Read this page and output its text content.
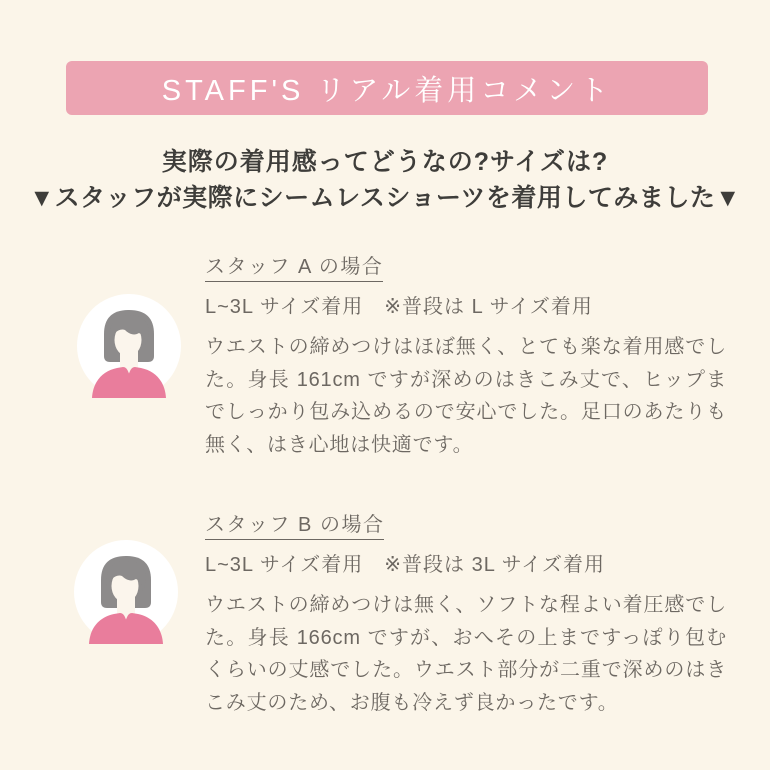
STAFF'S リアル着用コメント
実際の着用感ってどうなの?サイズは?
▼スタッフが実際にシームレスショーツを着用してみました▼
スタッフ A の場合
L~3L サイズ着用　※普段は L サイズ着用
ウエストの締めつけはほぼ無く、とても楽な着用感でした。身長 161cm ですが深めのはきこみ丈で、ヒップまでしっかり包み込めるので安心でした。足口のあたりも無く、はき心地は快適です。
スタッフ B の場合
L~3L サイズ着用　※普段は 3L サイズ着用
ウエストの締めつけは無く、ソフトな程よい着圧感でした。身長 166cm ですが、おへその上まですっぽり包むくらいの丈感でした。ウエスト部分が二重で深めのはきこみ丈のため、お腹も冷えず良かったです。
